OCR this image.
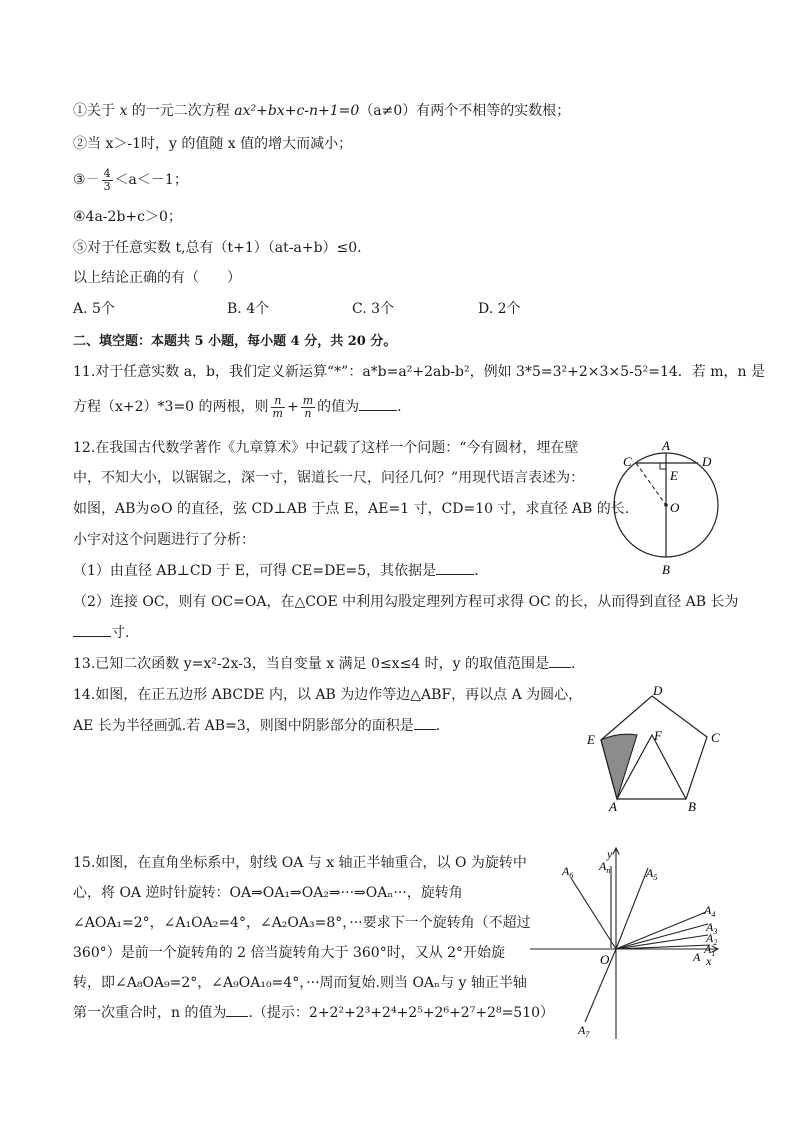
①关于 x 的一元二次方程 ax²+bx+c-n+1=0（a≠0）有两个不相等的实数根；
②当 x＞-1时，y 的值随 x 值的增大而减小；
③－ $\frac{4}{3} <a<-1$；
④4a-2b+c＞0；
⑤对于任意实数 t,总有（t+1）（at-a+b）≤0.
以上结论正确的有（　　）
A. 5个	B. 4个	C. 3个	D. 2个
二、填空题：本题共 5 小题，每小题 4 分，共 20 分。
11.对于任意实数 a，b，我们定义新运算“*”：a*b=a²+2ab-b²，例如 3*5=3²+2×3×5-5²=14．若 m，n 是
方程（x+2）*3=0 的两根，则 $\frac{n}{m} + \frac{m}{n}$ 的值为	.
12.在我国古代数学著作《九章算术》中记载了这样一个问题：“今有圆材，埋在壁
中，不知大小，以锯锯之，深一寸，锯道长一尺，问径几何？”用现代语言表述为：
如图，AB为⊙O 的直径，弦 CD⊥AB 于点 E，AE=1 寸，CD=10 寸，求直径 AB 的长.
小宇对这个问题进行了分析：
（1）由直径 AB⊥CD 于 E，可得 CE=DE=5，其依据是	.
（2）连接 OC，则有 OC=OA，在△COE 中利用勾股定理列方程可求得 OC 的长，从而得到直径 AB 长为
寸.
A
B
C	D
E
O
13.已知二次函数 y=x²-2x-3，当自变量 x 满足 0≤x≤4 时，y 的取值范围是 .
14.如图，在正五边形 ABCDE 内，以 AB 为边作等边△ABF，再以点 A 为圆心，
AE 长为半径画弧.若 AB=3，则图中阴影部分的面积是 .
D
E	C
F
A	B
15.如图，在直角坐标系中，射线 OA 与 x 轴正半轴重合，以 O 为旋转中
心，将 OA 逆时针旋转：OA⇒OA₁⇒OA₂⇒···⇒OAₙ···，旋转角
∠AOA₁=2°，∠A₁OA₂=4°，∠A₂OA₃=8°，···要求下一个旋转角（不超过
360°）是前一个旋转角的 2 倍当旋转角大于 360°时，又从 2°开始旋
转，即∠A₈OA₉=2°，∠A₉OA₁₀=4°，···周而复始.则当 OAₙ与 y 轴正半轴
第一次重合时，n 的值为 .（提示：2+2²+2³+2⁴+2⁵+2⁶+2⁷+2⁸=510）
y
x
O	A
$A_1$
$A_2$
$A_3$
$A_4$
$A_5$
$A_6$
$A_7$
$A_n$
